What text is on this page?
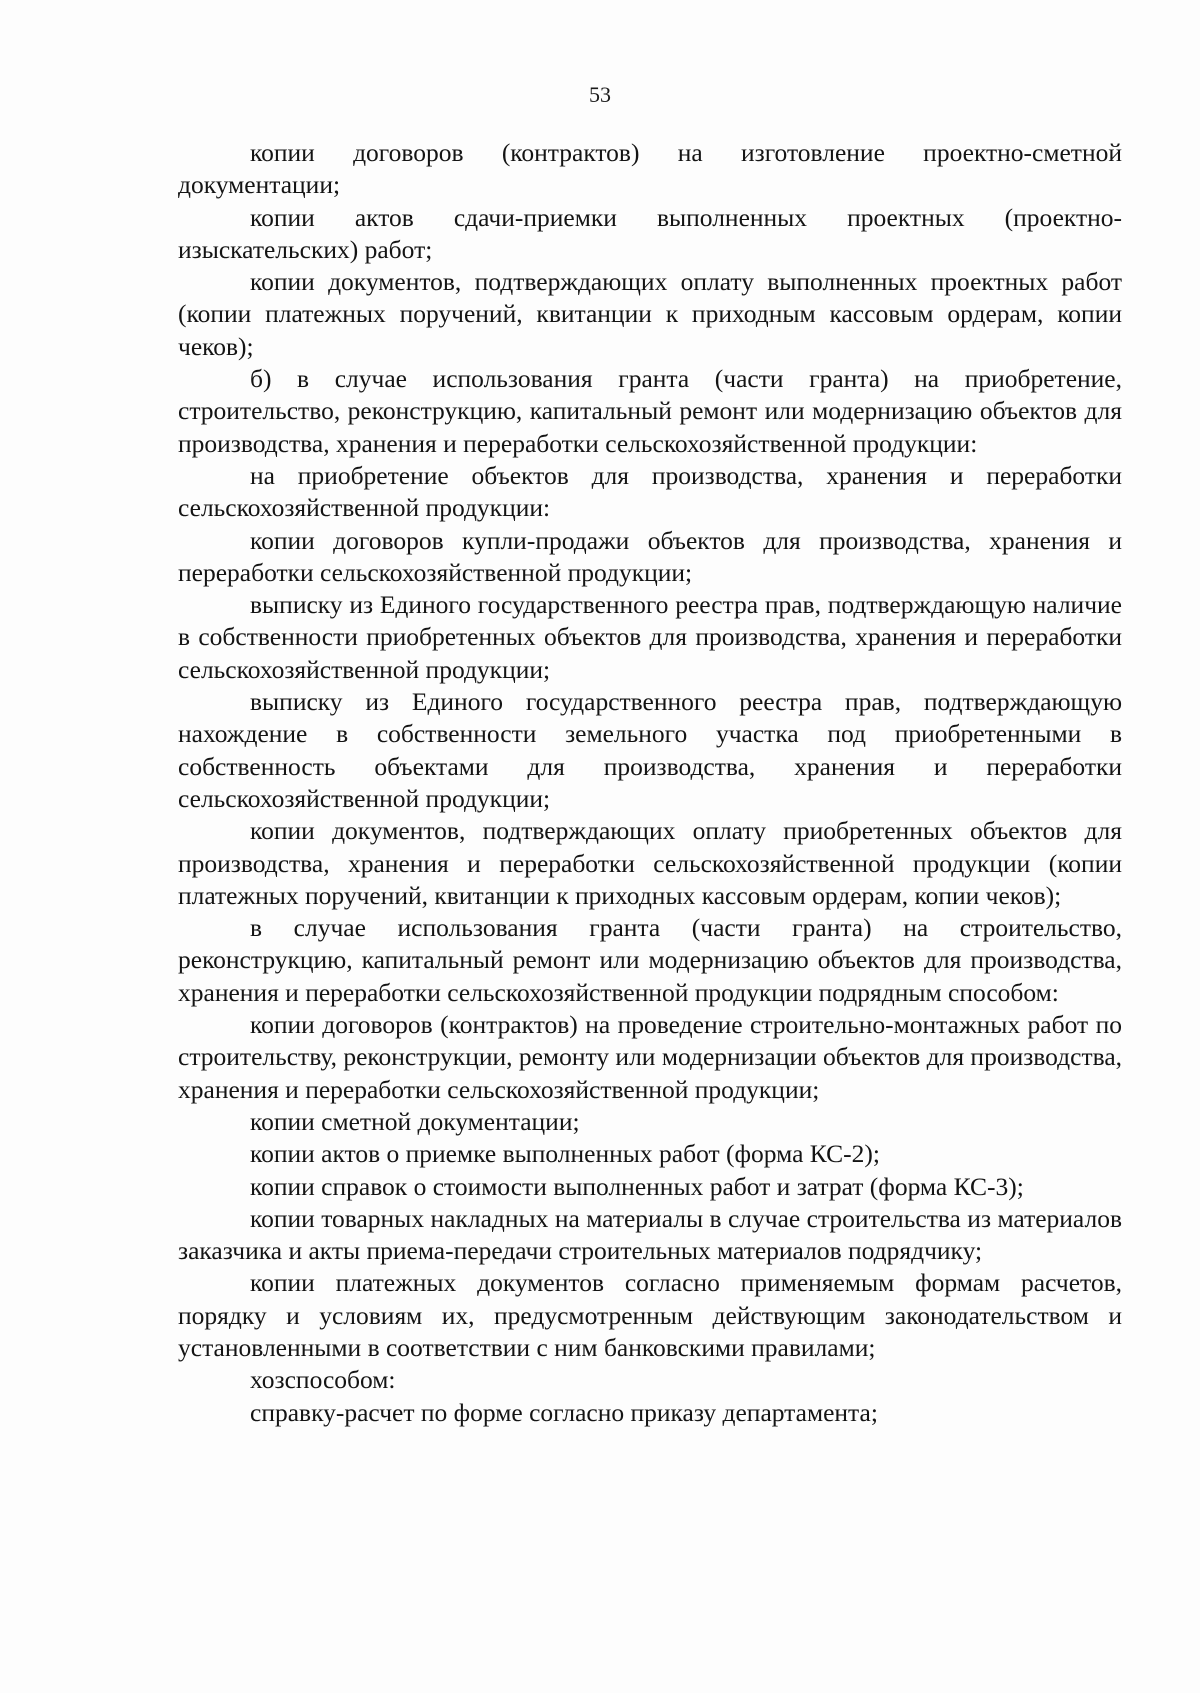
53

копии договоров (контрактов) на изготовление проектно-сметной документации;

копии актов сдачи-приемки выполненных проектных (проектно-изыскательских) работ;

копии документов, подтверждающих оплату выполненных проектных работ (копии платежных поручений, квитанции к приходным кассовым ордерам, копии чеков);

б) в случае использования гранта (части гранта) на приобретение, строительство, реконструкцию, капитальный ремонт или модернизацию объектов для производства, хранения и переработки сельскохозяйственной продукции:

на приобретение объектов для производства, хранения и переработки сельскохозяйственной продукции:

копии договоров купли-продажи объектов для производства, хранения и переработки сельскохозяйственной продукции;

выписку из Единого государственного реестра прав, подтверждающую наличие в собственности приобретенных объектов для производства, хранения и переработки сельскохозяйственной продукции;

выписку из Единого государственного реестра прав, подтверждающую нахождение в собственности земельного участка под приобретенными в собственность объектами для производства, хранения и переработки сельскохозяйственной продукции;

копии документов, подтверждающих оплату приобретенных объектов для производства, хранения и переработки сельскохозяйственной продукции (копии платежных поручений, квитанции к приходных кассовым ордерам, копии чеков);

в случае использования гранта (части гранта) на строительство, реконструкцию, капитальный ремонт или модернизацию объектов для производства, хранения и переработки сельскохозяйственной продукции подрядным способом:

копии договоров (контрактов) на проведение строительно-монтажных работ по строительству, реконструкции, ремонту или модернизации объектов для производства, хранения и переработки сельскохозяйственной продукции;

копии сметной документации;

копии актов о приемке выполненных работ (форма КС-2);

копии справок о стоимости выполненных работ и затрат (форма КС-3);

копии товарных накладных на материалы в случае строительства из материалов заказчика и акты приема-передачи строительных материалов подрядчику;

копии платежных документов согласно применяемым формам расчетов, порядку и условиям их, предусмотренным действующим законодательством и установленными в соответствии с ним банковскими правилами;

хозспособом:

справку-расчет по форме согласно приказу департамента;
